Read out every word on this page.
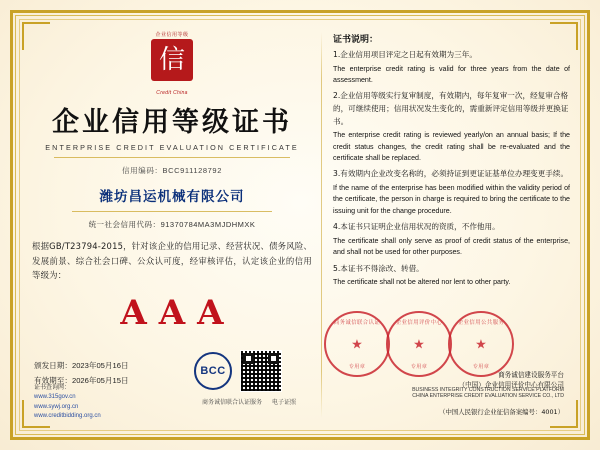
企业信用等级
信
Credit China
企业信用等级证书
ENTERPRISE CREDIT EVALUATION CERTIFICATE
信用编码：BCC911128792
潍坊昌运机械有限公司
统一社会信用代码：91370784MA3MJDHMXK
根据GB/T23794-2015，针对该企业的信用记录、经营状况、债务风险、发展前景、综合社会口碑、公众认可度，经审核评估，认定该企业的信用等级为：
AAA
颁发日期：2023年05月16日
有效期至：2026年05月15日
证书查询网：
www.315gov.cn
www.sywj.org.cn
www.creditbidding.org.cn
BCC
商务诚信联合认证服务 电子证照
证书说明：
1.企业信用项目评定之日起有效期为三年。
The enterprise credit rating is valid for three years from the date of assessment.
2.企业信用等级实行复审制度，有效期内，每年复审一次，经复审合格的，可继续使用；信用状况发生变化的，需重新评定信用等级并更换证书。
The enterprise credit rating is reviewed yearly/on an annual basis; If the credit status changes, the credit rating shall be re-evaluated and the certificate shall be replaced.
3.有效期内企业改变名称的，必须持证到更证证基单位办理变更手续。
If the name of the enterprise has been modified within the validity period of the certificate, the person in charge is required to bring the certificate to the issuing unit for the change procedure.
4.本证书只证明企业信用状况的资质，不作他用。
The certificate shall only serve as proof of credit status of the enterprise, and shall not be used for other purposes.
5.本证书不得涂改、转借。
The certificate shall not be altered nor lent to other party.
商务诚信联合认证
★
专用章
企业信用评价中心
★
专用章
企业信用公共服务
★
专用章
商务诚信建设服务平台
（中国）企业信用评价中心有限公司
BUSINESS INTEGRITY CONSTRUCTION SERVICE PLATFORM
CHINA ENTERPRISE CREDIT EVALUATION SERVICE CO., LTD
（中国人民银行企业征信备案编号：4001）
